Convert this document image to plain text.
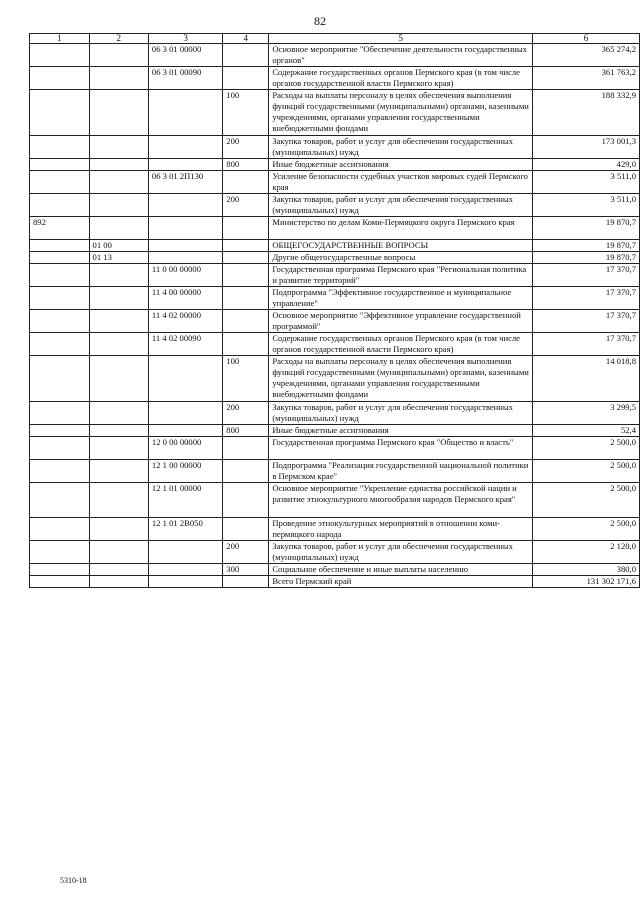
82
1	2	3	4	5	6
		06 3 01 00000		Основное мероприятие "Обеспечение деятельности государственных органов"	365 274,2
		06 3 01 00090		Содержание государственных органов Пермского края (в том числе органов государственной власти Пермского края)	361 763,2
			100	Расходы на выплаты персоналу в целях обеспечения выполнения функций государственными (муниципальными) органами, казенными учреждениями, органами управления государственными внебюджетными фондами	188 332,9
			200	Закупка товаров, работ и услуг для обеспечения государственных (муниципальных) нужд	173 001,3
			800	Иные бюджетные ассигнования	429,0
		06 3 01 2П130		Усиление безопасности судебных участков мировых судей Пермского края	3 511,0
			200	Закупка товаров, работ и услуг для обеспечения государственных (муниципальных) нужд	3 511,0
892				Министерство по делам Коми-Пермяцкого округа Пермского края	19 870,7
	01 00			ОБЩЕГОСУДАРСТВЕННЫЕ ВОПРОСЫ	19 870,7
	01 13			Другие общегосударственные вопросы	19 870,7
		11 0 00 00000		Государственная программа Пермского края "Региональная политика и развитие территорий"	17 370,7
		11 4 00 00000		Подпрограмма "Эффективное государственное и муниципальное управление"	17 370,7
		11 4 02 00000		Основное мероприятие "Эффективное управление государственной программой"	17 370,7
		11 4 02 00090		Содержание государственных органов Пермского края (в том числе органов государственной власти Пермского края)	17 370,7
			100	Расходы на выплаты персоналу в целях обеспечения выполнения функций государственными (муниципальными) органами, казенными учреждениями, органами управления государственными внебюджетными фондами	14 018,8
			200	Закупка товаров, работ и услуг для обеспечения государственных (муниципальных) нужд	3 299,5
			800	Иные бюджетные ассигнования	52,4
		12 0 00 00000		Государственная программа Пермского края "Общество и власть"	2 500,0
		12 1 00 00000		Подпрограмма "Реализация государственной национальной политики в Пермском крае"	2 500,0
		12 1 01 00000		Основное мероприятие "Укрепление единства российской нации и развитие этнокультурного многообразия народов Пермского края"	2 500,0
		12 1 01 2В050		Проведение этнокультурных мероприятий в отношении коми-пермяцкого народа	2 500,0
			200	Закупка товаров, работ и услуг для обеспечения государственных (муниципальных) нужд	2 120,0
			300	Социальное обеспечение и иные выплаты населению	380,0
				Всего Пермский край	131 302 171,6
5310-18
